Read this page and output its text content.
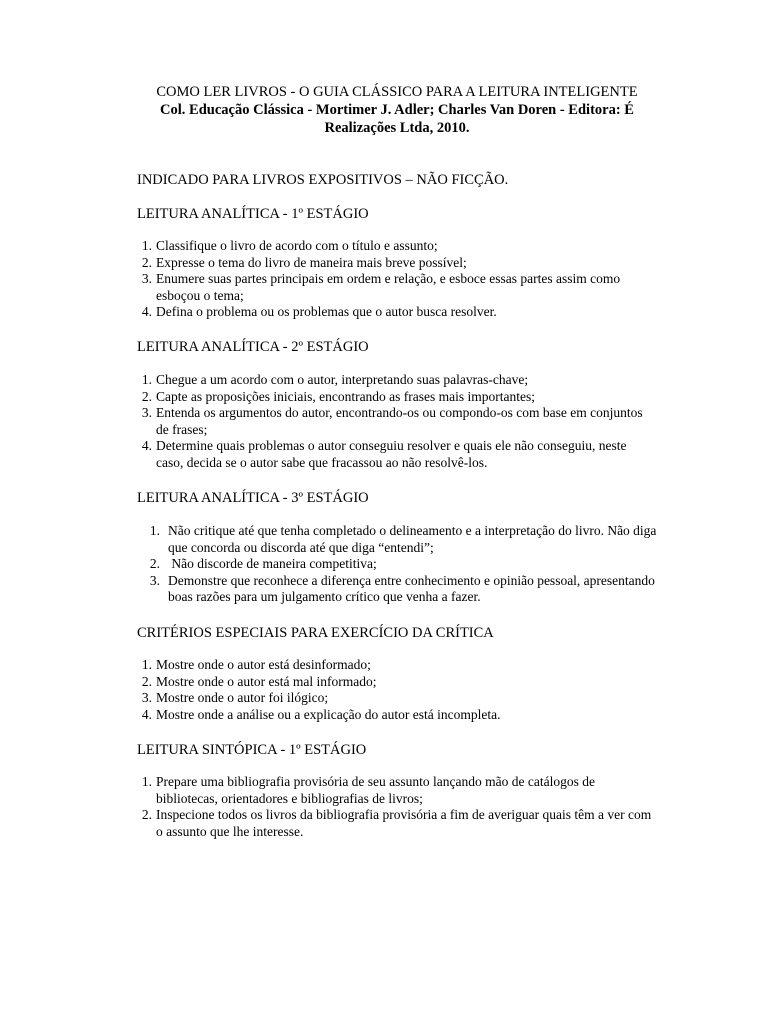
COMO LER LIVROS - O GUIA CLÁSSICO PARA A LEITURA INTELIGENTE

Col. Educação Clássica - Mortimer J. Adler; Charles Van Doren - Editora: É Realizações Ltda, 2010.

INDICADO PARA LIVROS EXPOSITIVOS – NÃO FICÇÃO.

LEITURA ANALÍTICA - 1º ESTÁGIO

1. Classifique o livro de acordo com o título e assunto;
2. Expresse o tema do livro de maneira mais breve possível;
3. Enumere suas partes principais em ordem e relação, e esboce essas partes assim como esboçou o tema;
4. Defina o problema ou os problemas que o autor busca resolver.

LEITURA ANALÍTICA - 2º ESTÁGIO

1. Chegue a um acordo com o autor, interpretando suas palavras-chave;
2. Capte as proposições iniciais, encontrando as frases mais importantes;
3. Entenda os argumentos do autor, encontrando-os ou compondo-os com base em conjuntos de frases;
4. Determine quais problemas o autor conseguiu resolver e quais ele não conseguiu, neste caso, decida se o autor sabe que fracassou ao não resolvê-los.

LEITURA ANALÍTICA - 3º ESTÁGIO

1. Não critique até que tenha completado o delineamento e a interpretação do livro. Não diga que concorda ou discorda até que diga “entendi”;
2. Não discorde de maneira competitiva;
3. Demonstre que reconhece a diferença entre conhecimento e opinião pessoal, apresentando boas razões para um julgamento crítico que venha a fazer.

CRITÉRIOS ESPECIAIS PARA EXERCÍCIO DA CRÍTICA

1. Mostre onde o autor está desinformado;
2. Mostre onde o autor está mal informado;
3. Mostre onde o autor foi ilógico;
4. Mostre onde a análise ou a explicação do autor está incompleta.

LEITURA SINTÓPICA - 1º ESTÁGIO

1. Prepare uma bibliografia provisória de seu assunto lançando mão de catálogos de bibliotecas, orientadores e bibliografias de livros;
2. Inspecione todos os livros da bibliografia provisória a fim de averiguar quais têm a ver com o assunto que lhe interesse.
